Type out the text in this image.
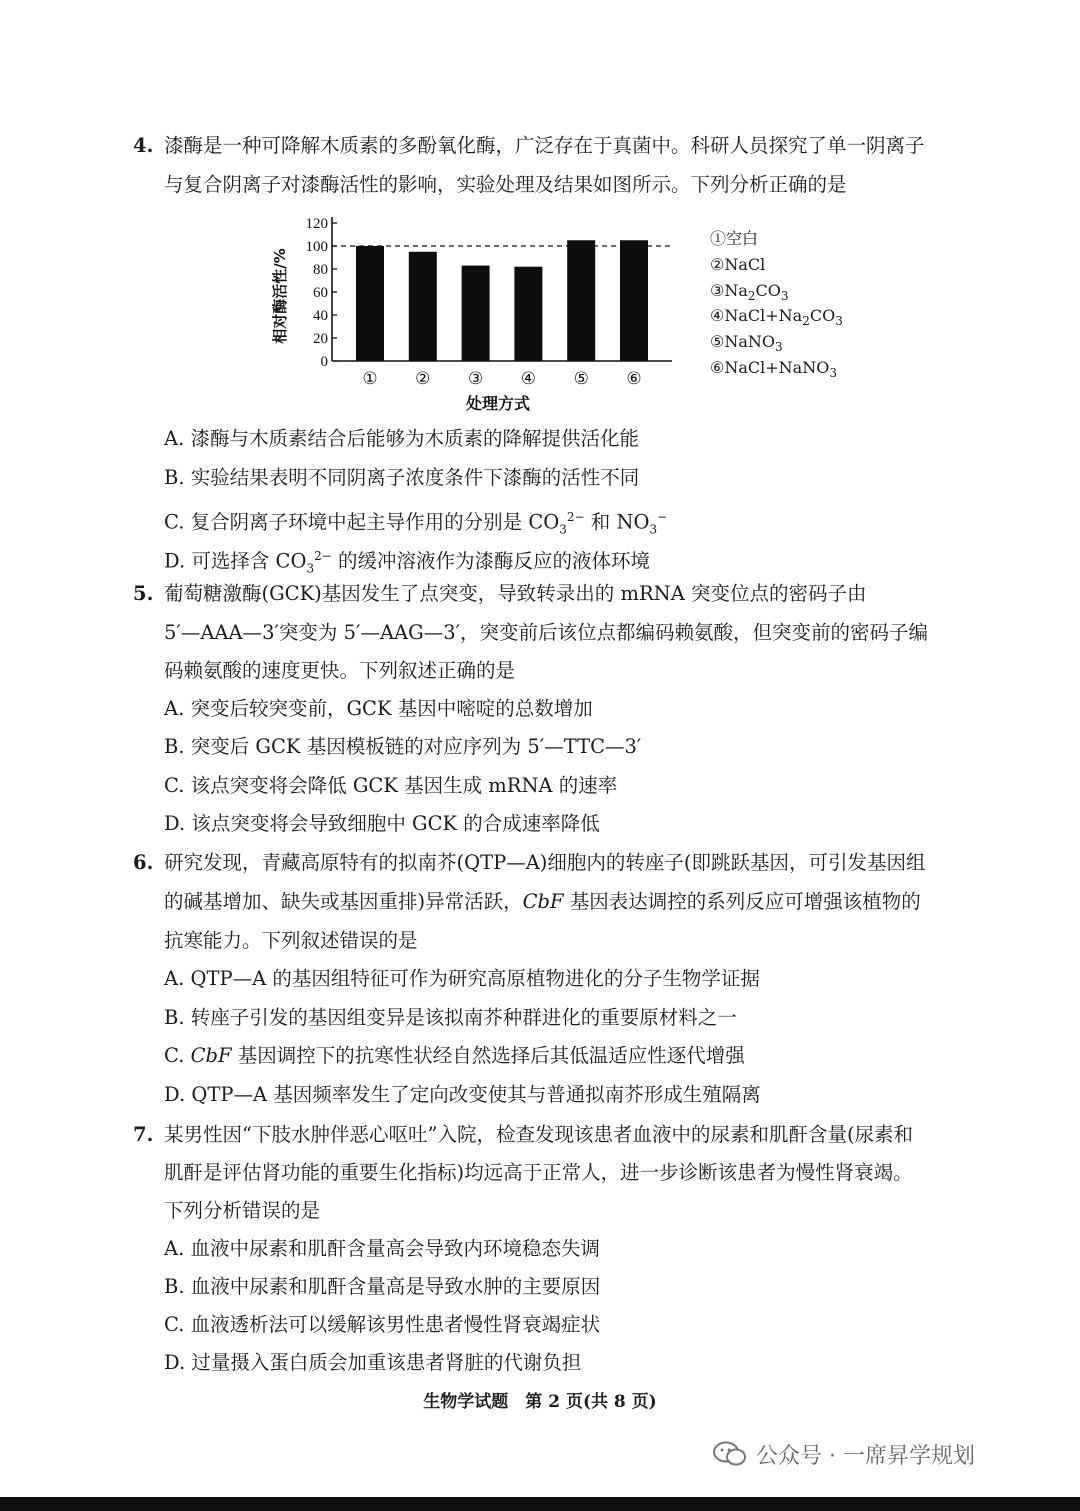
4. 漆酶是一种可降解木质素的多酚氧化酶，广泛存在于真菌中。科研人员探究了单一阴离子
与复合阴离子对漆酶活性的影响，实验处理及结果如图所示。下列分析正确的是
0
20
40
60
80
100
120
① ② ③ ④ ⑤ ⑥
相对酶活性/%
处理方式
①空白
②NaCl
$③Na_2CO_3$
$④NaCl+Na_2CO_3$
⑤NaNO$_3$
⑥NaCl+NaNO$_3$
A. 漆酶与木质素结合后能够为木质素的降解提供活化能
B. 实验结果表明不同阴离子浓度条件下漆酶的活性不同
C. 复合阴离子环境中起主导作用的分别是 $CO_3^{2-}$ 和 $NO_3^-$
D. 可选择含 $CO_3^{2-}$ 的缓冲溶液作为漆酶反应的液体环境
5. 葡萄糖激酶(GCK)基因发生了点突变，导致转录出的 mRNA 突变位点的密码子由
5′—AAA—3′突变为 5′—AAG—3′，突变前后该位点都编码赖氨酸，但突变前的密码子编
码赖氨酸的速度更快。下列叙述正确的是
A. 突变后较突变前，GCK 基因中嘧啶的总数增加
B. 突变后 GCK 基因模板链的对应序列为 5′—TTC—3′
C. 该点突变将会降低 GCK 基因生成 mRNA 的速率
D. 该点突变将会导致细胞中 GCK 的合成速率降低
6. 研究发现，青藏高原特有的拟南芥(QTP—A)细胞内的转座子(即跳跃基因，可引发基因组
的碱基增加、缺失或基因重排)异常活跃，CbF 基因表达调控的系列反应可增强该植物的
抗寒能力。下列叙述错误的是
A. QTP—A 的基因组特征可作为研究高原植物进化的分子生物学证据
B. 转座子引发的基因组变异是该拟南芥种群进化的重要原材料之一
C. CbF 基因调控下的抗寒性状经自然选择后其低温适应性逐代增强
D. QTP—A 基因频率发生了定向改变使其与普通拟南芥形成生殖隔离
7. 某男性因“下肢水肿伴恶心呕吐”入院，检查发现该患者血液中的尿素和肌酐含量(尿素和
肌酐是评估肾功能的重要生化指标)均远高于正常人，进一步诊断该患者为慢性肾衰竭。
下列分析错误的是
A. 血液中尿素和肌酐含量高会导致内环境稳态失调
B. 血液中尿素和肌酐含量高是导致水肿的主要原因
C. 血液透析法可以缓解该男性患者慢性肾衰竭症状
D. 过量摄入蛋白质会加重该患者肾脏的代谢负担
生物学试题　第 2 页(共 8 页)
公众号 · 一席昇学规划
